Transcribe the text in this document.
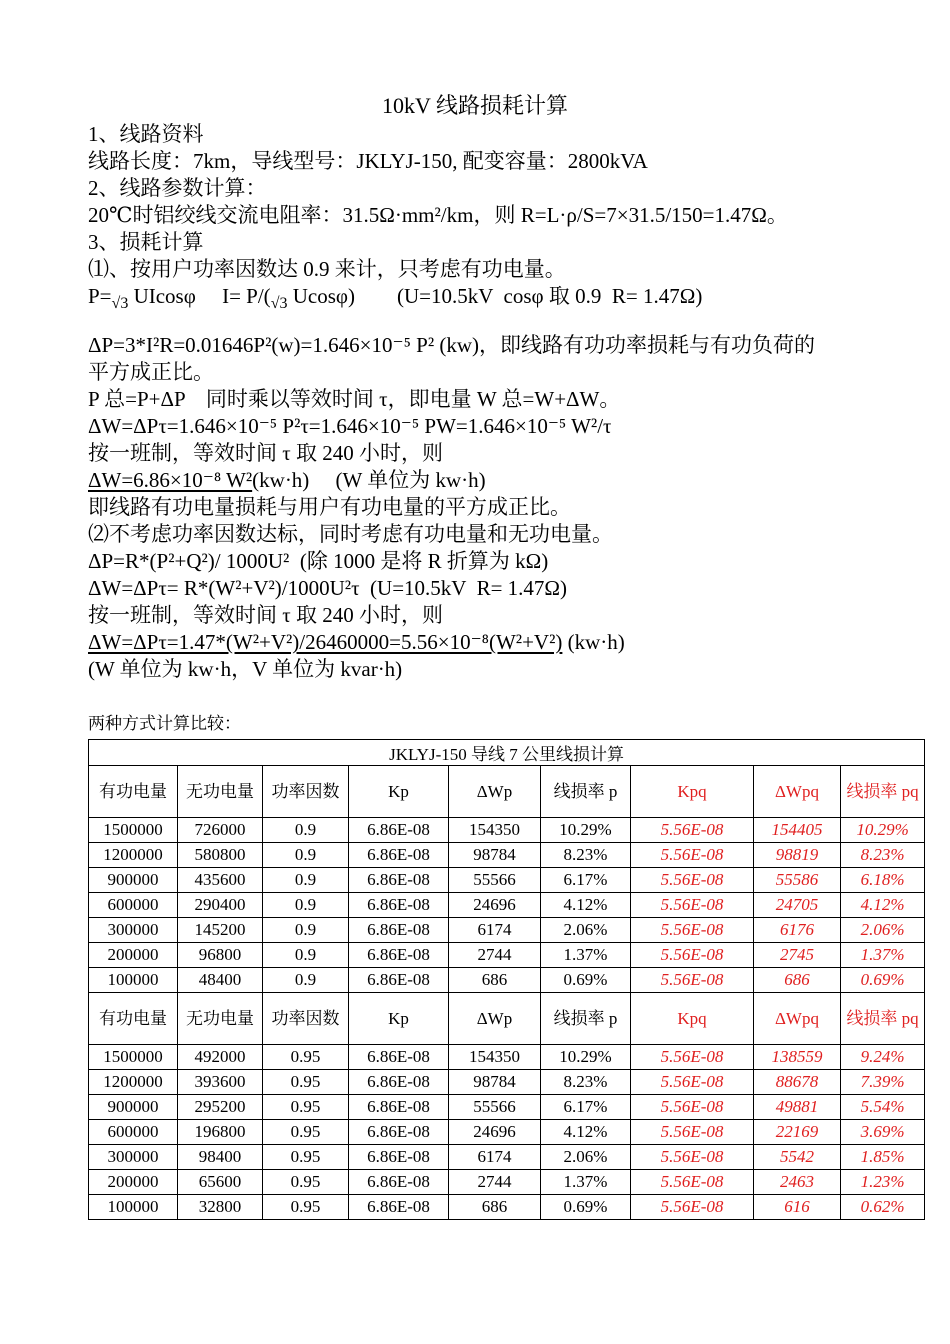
10kV 线路损耗计算
1、线路资料
线路长度：7km，导线型号：JKLYJ-150, 配变容量：2800kVA
2、线路参数计算：
20℃时铝绞线交流电阻率：31.5Ω·mm²/km，则 R=L·ρ/S=7×31.5/150=1.47Ω。
3、损耗计算
⑴、按用户功率因数达 0.9 来计，只考虑有功电量。
P=√3 UIcosφ　 I= P/(√3 Ucosφ)　　(U=10.5kV  cosφ 取 0.9  R= 1.47Ω)
ΔP=3*I²R=0.01646P²(w)=1.646×10⁻⁵ P² (kw)，即线路有功功率损耗与有功负荷的
平方成正比。
P 总=P+ΔP　同时乘以等效时间 τ，即电量 W 总=W+ΔW。
ΔW=ΔPτ=1.646×10⁻⁵ P²τ=1.646×10⁻⁵ PW=1.646×10⁻⁵ W²/τ
按一班制，等效时间 τ 取 240 小时，则
ΔW=6.86×10⁻⁸ W²(kw·h)　 (W 单位为 kw·h)
即线路有功电量损耗与用户有功电量的平方成正比。
⑵不考虑功率因数达标，同时考虑有功电量和无功电量。
ΔP=R*(P²+Q²)/ 1000U²  (除 1000 是将 R 折算为 kΩ)
ΔW=ΔPτ= R*(W²+V²)/1000U²τ  (U=10.5kV  R= 1.47Ω)
按一班制，等效时间 τ 取 240 小时，则
ΔW=ΔPτ=1.47*(W²+V²)/26460000=5.56×10⁻⁸(W²+V²) (kw·h)
(W 单位为 kw·h，V 单位为 kvar·h)
两种方式计算比较：
JKLYJ-150 导线 7 公里线损计算								
有功电量	无功电量	功率因数	Kp	ΔWp	线损率 p	Kpq	ΔWpq	线损率 pq
1500000	726000	0.9	6.86E-08	154350	10.29%	5.56E-08	154405	10.29%
1200000	580800	0.9	6.86E-08	98784	8.23%	5.56E-08	98819	8.23%
900000	435600	0.9	6.86E-08	55566	6.17%	5.56E-08	55586	6.18%
600000	290400	0.9	6.86E-08	24696	4.12%	5.56E-08	24705	4.12%
300000	145200	0.9	6.86E-08	6174	2.06%	5.56E-08	6176	2.06%
200000	96800	0.9	6.86E-08	2744	1.37%	5.56E-08	2745	1.37%
100000	48400	0.9	6.86E-08	686	0.69%	5.56E-08	686	0.69%
有功电量	无功电量	功率因数	Kp	ΔWp	线损率 p	Kpq	ΔWpq	线损率 pq
1500000	492000	0.95	6.86E-08	154350	10.29%	5.56E-08	138559	9.24%
1200000	393600	0.95	6.86E-08	98784	8.23%	5.56E-08	88678	7.39%
900000	295200	0.95	6.86E-08	55566	6.17%	5.56E-08	49881	5.54%
600000	196800	0.95	6.86E-08	24696	4.12%	5.56E-08	22169	3.69%
300000	98400	0.95	6.86E-08	6174	2.06%	5.56E-08	5542	1.85%
200000	65600	0.95	6.86E-08	2744	1.37%	5.56E-08	2463	1.23%
100000	32800	0.95	6.86E-08	686	0.69%	5.56E-08	616	0.62%
